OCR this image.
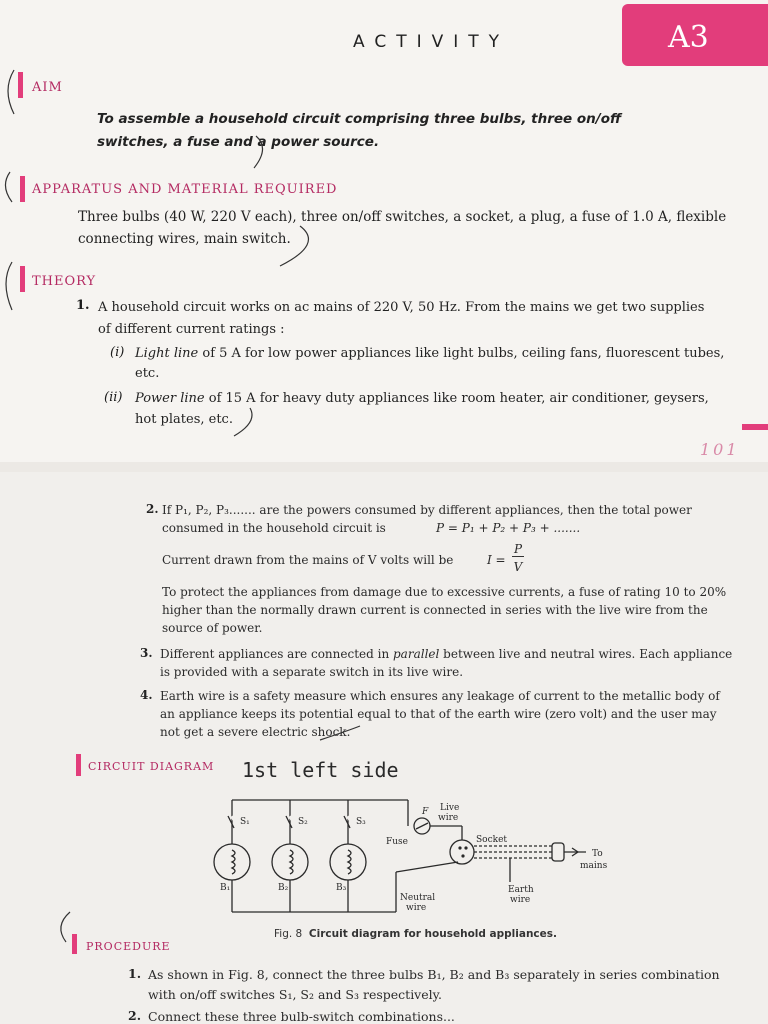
ACTIVITY	A3
AIM
To assemble a household circuit comprising three bulbs, three on/off switches, a fuse and a power source.
APPARATUS AND MATERIAL REQUIRED
Three bulbs (40 W, 220 V each), three on/off switches, a socket, a plug, a fuse of 1.0 A, flexible connecting wires, main switch.
THEORY
1. A household circuit works on ac mains of 220 V, 50 Hz. From the mains we get two supplies
of different current ratings :
(i) Light line of 5 A for low power appliances like light bulbs, ceiling fans, fluorescent tubes,
etc.
(ii) Power line of 15 A for heavy duty appliances like room heater, air conditioner, geysers,
hot plates, etc.
101
2. If P₁, P₂, P₃....... are the powers consumed by different appliances, then the total power
consumed in the household circuit is	P = P₁ + P₂ + P₃ + .......
Current drawn from the mains of V volts will be	I =
P
V
To protect the appliances from damage due to excessive currents, a fuse of rating 10 to 20%
higher than the normally drawn current is connected in series with the live wire from the
source of power.
3. Different appliances are connected in parallel between live and neutral wires. Each appliance
is provided with a separate switch in its live wire.
4. Earth wire is a safety measure which ensures any leakage of current to the metallic body of
an appliance keeps its potential equal to that of the earth wire (zero volt) and the user may
not get a severe electric shock.
CIRCUIT DIAGRAM 1st left side
S₁	S₂	S₃
B₁	B₂	B₃
Fuse
F Live
wire
Socket
To
mains
Earth
wire
Neutral
wire
Fig. 8 Circuit diagram for household appliances.
PROCEDURE
1. As shown in Fig. 8, connect the three bulbs B₁, B₂ and B₃ separately in series combination
with on/off switches S₁, S₂ and S₃ respectively.
2. Connect these three bulb-switch combinations...
